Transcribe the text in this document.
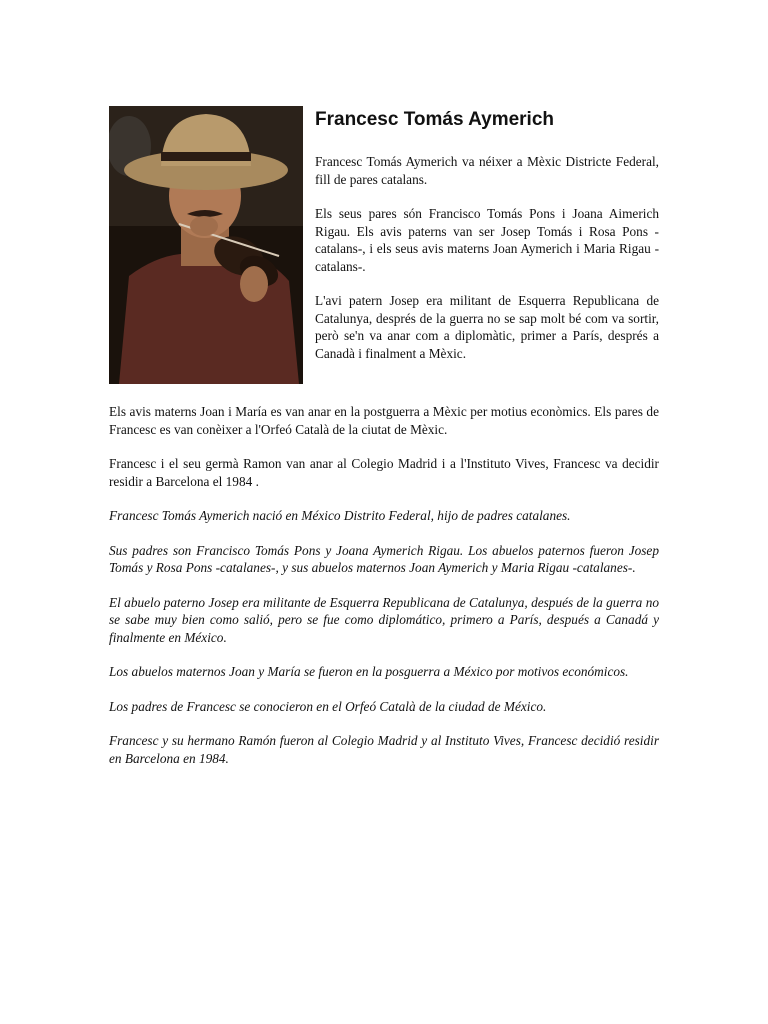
Francesc Tomás Aymerich

Francesc Tomás Aymerich va néixer a Mèxic Districte Federal, fill de pares catalans.

Els seus pares són Francisco Tomás Pons i Joana Aimerich Rigau. Els avis paterns van ser Josep Tomás i Rosa Pons -catalans-, i els seus avis materns Joan Aymerich i Maria Rigau -catalans-.

L'avi patern Josep era militant de Esquerra Republicana de Catalunya, després de la guerra no se sap molt bé com va sortir, però se'n va anar com a diplomàtic, primer a París, després a Canadà i finalment a Mèxic.

Els avis materns Joan i María es van anar en la postguerra a Mèxic per motius econòmics. Els pares de Francesc es van conèixer a l'Orfeó Català de la ciutat de Mèxic.

Francesc i el seu germà Ramon van anar al Colegio Madrid i a l'Instituto Vives, Francesc va decidir residir a Barcelona el 1984 .

Francesc Tomás Aymerich nació en México Distrito Federal, hijo de padres catalanes.

Sus padres son Francisco Tomás Pons y Joana Aymerich Rigau. Los abuelos paternos fueron Josep Tomás y Rosa Pons -catalanes-, y sus abuelos maternos Joan Aymerich y Maria Rigau -catalanes-.

El abuelo paterno Josep era militante de Esquerra Republicana de Catalunya, después de la guerra no se sabe muy bien como salió, pero se fue como diplomático, primero a París, después a Canadá y finalmente en México.

Los abuelos maternos Joan y María se fueron en la posguerra a México por motivos económicos.

Los padres de Francesc se conocieron en el Orfeó Català de la ciudad de México.

Francesc y su hermano Ramón fueron al Colegio Madrid y al Instituto Vives, Francesc decidió residir en Barcelona en 1984.
